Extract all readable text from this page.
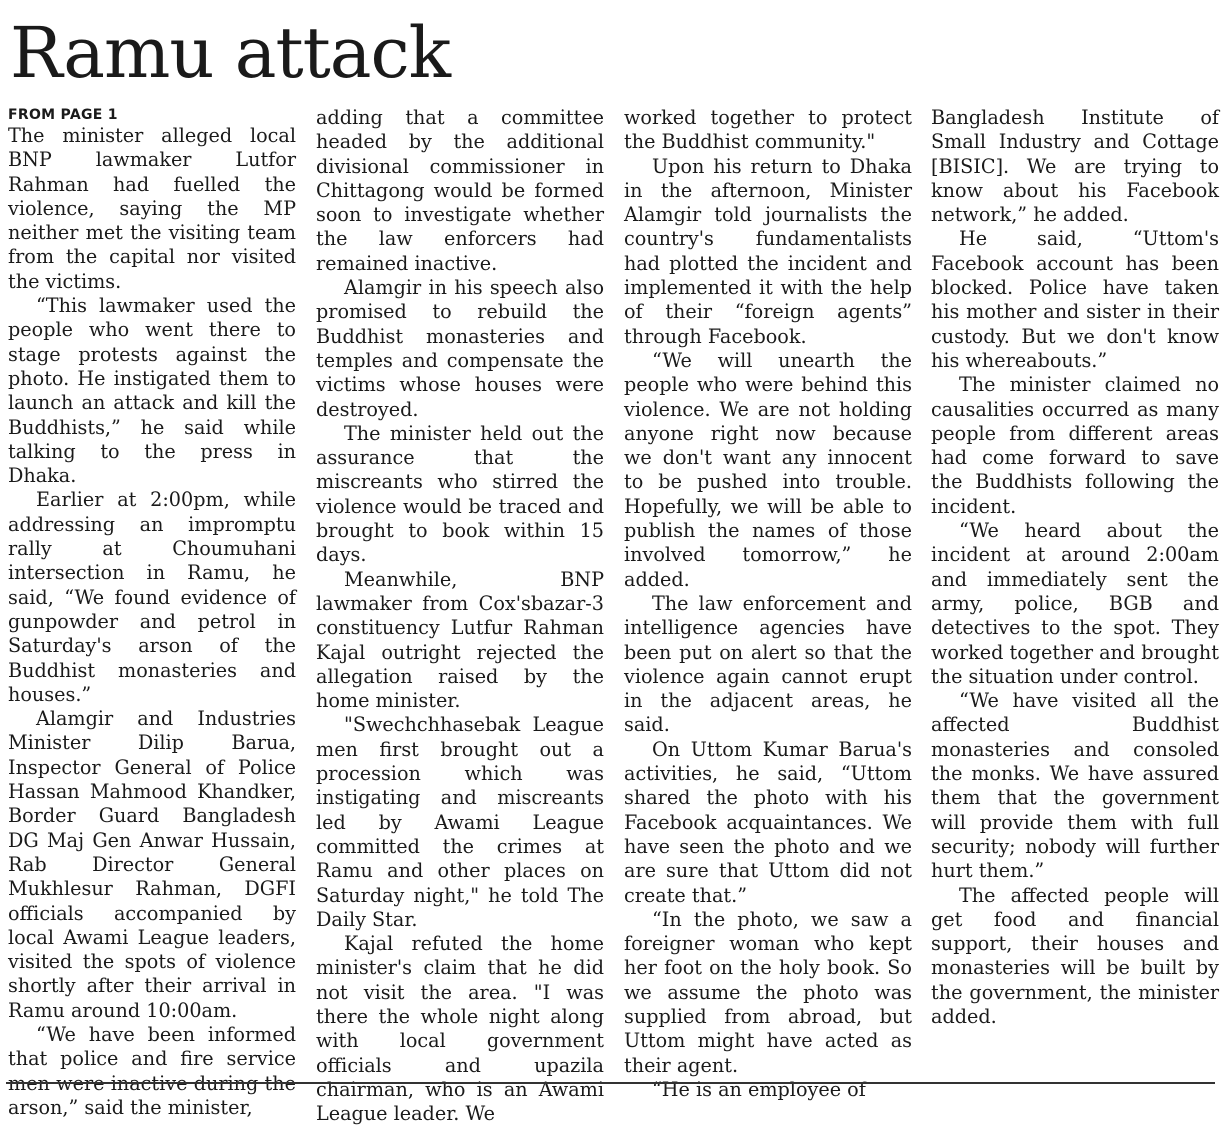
Ramu attack
FROM PAGE 1

The minister alleged local BNP lawmaker Lutfor Rahman had fuelled the violence, saying the MP neither met the visiting team from the capital nor visited the victims.

“This lawmaker used the people who went there to stage protests against the photo. He instigated them to launch an attack and kill the Buddhists,” he said while talking to the press in Dhaka.

Earlier at 2:00pm, while addressing an impromptu rally at Choumuhani intersection in Ramu, he said, “We found evidence of gunpowder and petrol in Saturday's arson of the Buddhist monasteries and houses.”

Alamgir and Industries Minister Dilip Barua, Inspector General of Police Hassan Mahmood Khandker, Border Guard Bangladesh DG Maj Gen Anwar Hussain, Rab Director General Mukhlesur Rahman, DGFI officials accompanied by local Awami League leaders, visited the spots of violence shortly after their arrival in Ramu around 10:00am.

“We have been informed that police and fire service men were inactive during the arson,” said the minister,

adding that a committee headed by the additional divisional commissioner in Chittagong would be formed soon to investigate whether the law enforcers had remained inactive.

Alamgir in his speech also promised to rebuild the Buddhist monasteries and temples and compensate the victims whose houses were destroyed.

The minister held out the assurance that the miscreants who stirred the violence would be traced and brought to book within 15 days.

Meanwhile, BNP lawmaker from Cox'sbazar-3 constituency Lutfur Rahman Kajal outright rejected the allegation raised by the home minister.

"Swechchhasebak League men first brought out a procession which was instigating and miscreants led by Awami League committed the crimes at Ramu and other places on Saturday night," he told The Daily Star.

Kajal refuted the home minister's claim that he did not visit the area. "I was there the whole night along with local government officials and upazila chairman, who is an Awami League leader. We

worked together to protect the Buddhist community."

Upon his return to Dhaka in the afternoon, Minister Alamgir told journalists the country's fundamentalists had plotted the incident and implemented it with the help of their “foreign agents” through Facebook.

“We will unearth the people who were behind this violence. We are not holding anyone right now because we don't want any innocent to be pushed into trouble. Hopefully, we will be able to publish the names of those involved tomorrow,” he added.

The law enforcement and intelligence agencies have been put on alert so that the violence again cannot erupt in the adjacent areas, he said.

On Uttom Kumar Barua's activities, he said, “Uttom shared the photo with his Facebook acquaintances. We have seen the photo and we are sure that Uttom did not create that.”

“In the photo, we saw a foreigner woman who kept her foot on the holy book. So we assume the photo was supplied from abroad, but Uttom might have acted as their agent.

“He is an employee of

Bangladesh Institute of Small Industry and Cottage [BISIC]. We are trying to know about his Facebook network,” he added.

He said, “Uttom's Facebook account has been blocked. Police have taken his mother and sister in their custody. But we don't know his whereabouts.”

The minister claimed no causalities occurred as many people from different areas had come forward to save the Buddhists following the incident.

“We heard about the incident at around 2:00am and immediately sent the army, police, BGB and detectives to the spot. They worked together and brought the situation under control.

“We have visited all the affected Buddhist monasteries and consoled the monks. We have assured them that the government will provide them with full security; nobody will further hurt them.”

The affected people will get food and financial support, their houses and monasteries will be built by the government, the minister added.
